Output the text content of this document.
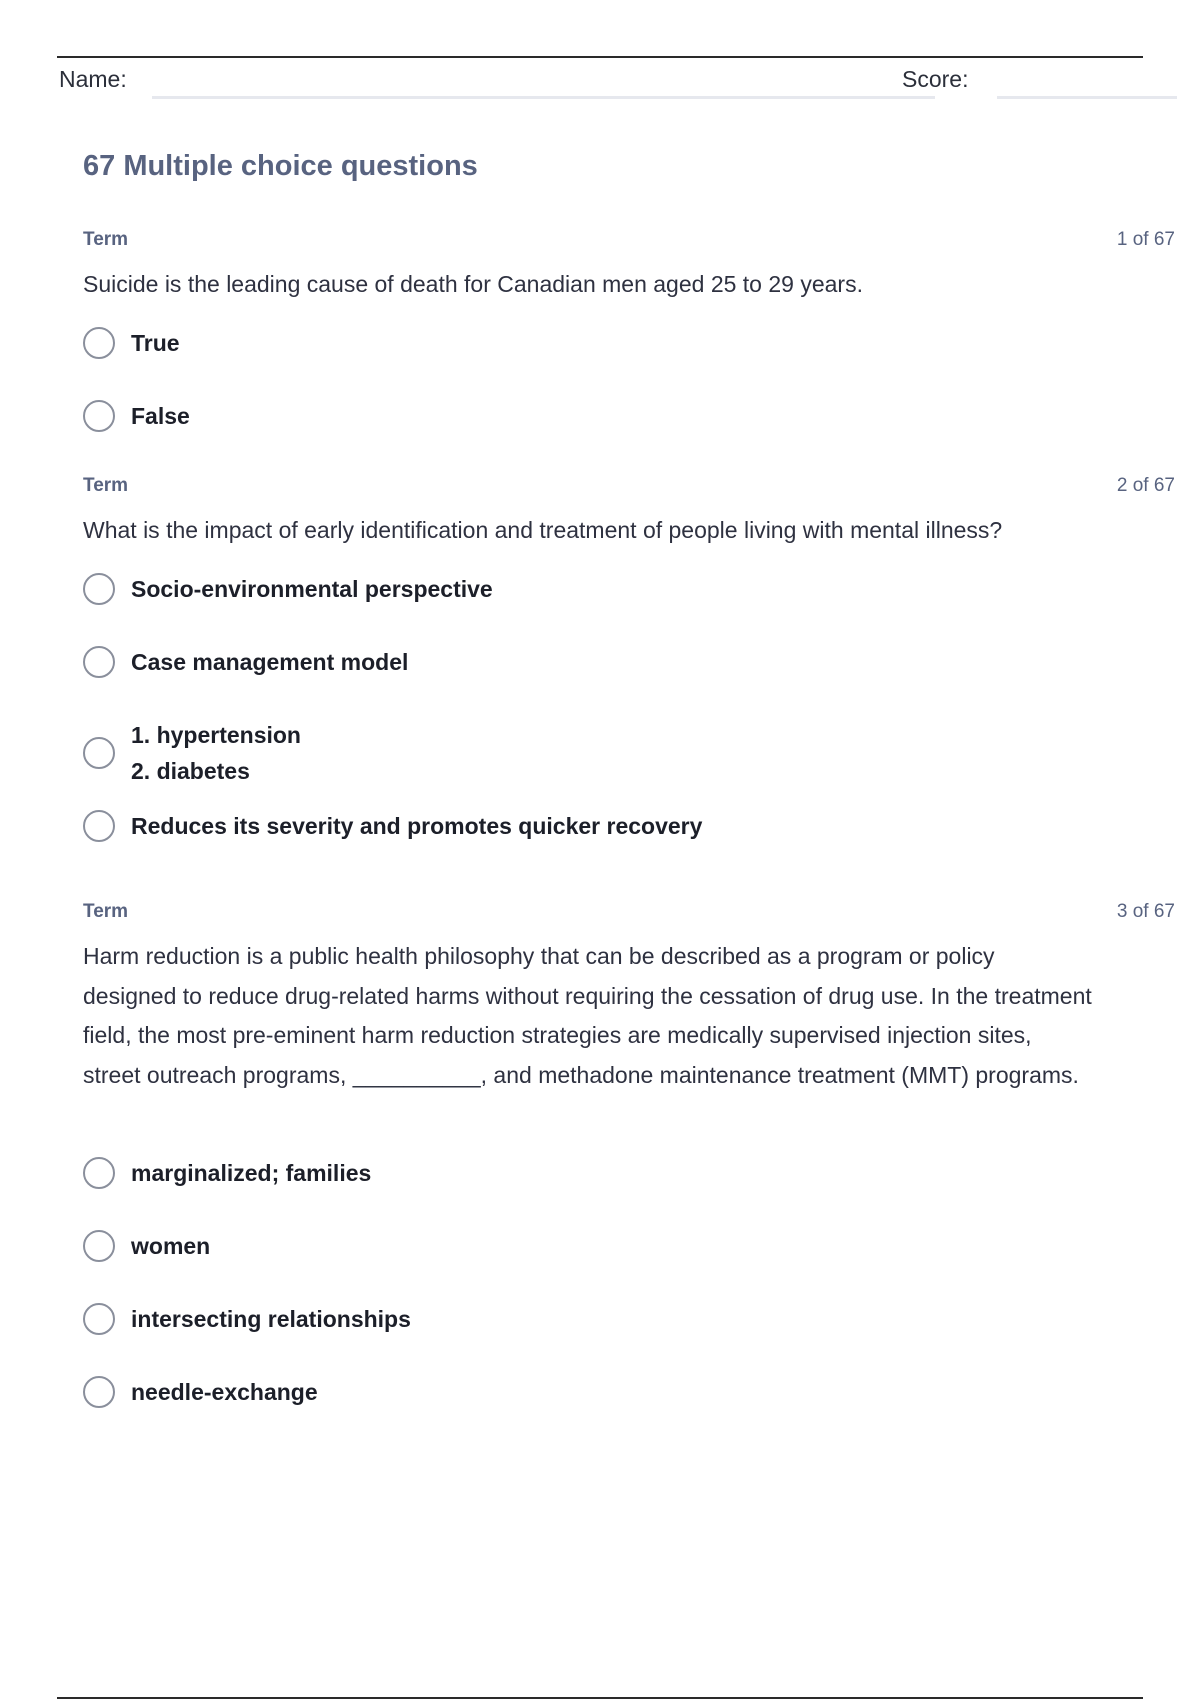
Name:	Score:
67 Multiple choice questions
Term	1 of 67

Suicide is the leading cause of death for Canadian men aged 25 to 29 years.

True
False
Term	2 of 67

What is the impact of early identification and treatment of people living with mental illness?

Socio-environmental perspective
Case management model
1. hypertension
2. diabetes
Reduces its severity and promotes quicker recovery
Term	3 of 67

Harm reduction is a public health philosophy that can be described as a program or policy designed to reduce drug-related harms without requiring the cessation of drug use. In the treatment field, the most pre-eminent harm reduction strategies are medically supervised injection sites, street outreach programs, __________, and methadone maintenance treatment (MMT) programs.

marginalized; families
women
intersecting relationships
needle-exchange
